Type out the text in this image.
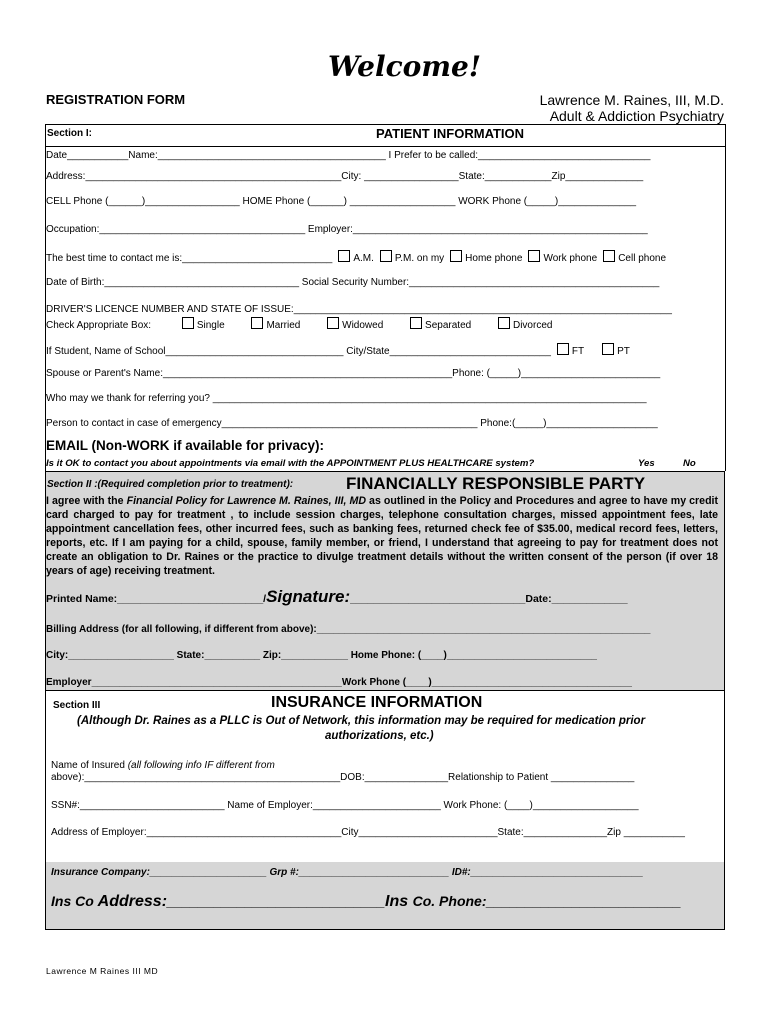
Welcome!
REGISTRATION FORM	Lawrence M. Raines, III, M.D.
Adult & Addiction Psychiatry
Section I:	PATIENT INFORMATION
Date___________Name:_________________________________________ I Prefer to be called:_______________________________
Address:______________________________________________City: _________________State:____________Zip______________
CELL Phone (______)_________________ HOME Phone (______) ___________________ WORK Phone (_____)______________
Occupation:_____________________________________ Employer:_____________________________________________________
The best time to contact me is:___________________________ A.M. P.M. on my Home phone Work phone Cell phone
Date of Birth:___________________________________ Social Security Number:_____________________________________________
DRIVER'S LICENCE NUMBER AND STATE OF ISSUE:____________________________________________________________________
Check Appropriate Box:	Single	Married	Widowed	Separated	Divorced
If Student, Name of School________________________________ City/State_____________________________ FT	PT
Spouse or Parent's Name:____________________________________________________Phone: (_____)_________________________
Who may we thank for referring you? ______________________________________________________________________________
Person to contact in case of emergency______________________________________________ Phone:(_____)____________________
EMAIL (Non-WORK if available for privacy):
Is it OK to contact you about appointments via email with the APPOINTMENT PLUS HEALTHCARE system?	Yes	No
Section II :(Required completion prior to treatment):	FINANCIALLY RESPONSIBLE PARTY
I agree with the Financial Policy for Lawrence M. Raines, III, MD as outlined in the Policy and Procedures and agree to have my credit card charged to pay for treatment , to include session charges, telephone consultation charges, missed appointment fees, late appointment cancellation fees, other incurred fees, such as banking fees, returned check fee of $35.00, medical record fees, letters, reports, etc. If I am paying for a child, spouse, family member, or friend, I understand that agreeing to pay for treatment does not create an obligation to Dr. Raines or the practice to divulge treatment details without the written consent of the person (if over 18 years of age) receiving treatment.
Printed Name:_________________________/Signature:______________________________Date:_____________
Billing Address (for all following, if different from above):____________________________________________________________
City:___________________ State:__________ Zip:____________ Home Phone: (____)___________________________
Employer_____________________________________________Work Phone (____)____________________________________
Section III	INSURANCE INFORMATION
(Although Dr. Raines as a PLLC is Out of Network, this information may be required for medication prior
authorizations, etc.)
Name of Insured (all following info IF different from
above):______________________________________________DOB:_______________Relationship to Patient _______________
SSN#:__________________________ Name of Employer:_______________________ Work Phone: (____)___________________
Address of Employer:___________________________________City_________________________State:_______________Zip ___________
Insurance Company:_____________________ Grp #:___________________________ ID#:_______________________________
Ins Co Address:____________________________Ins Co. Phone:_________________________
Lawrence M Raines III MD
